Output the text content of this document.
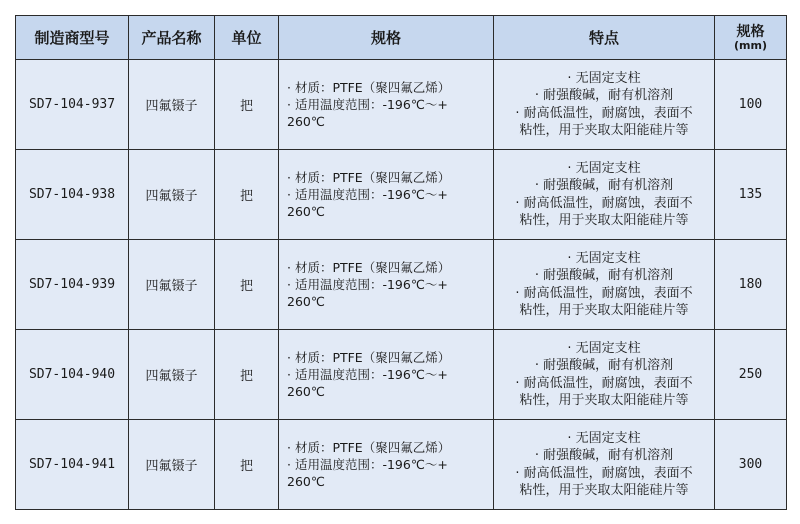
制造商型号	产品名称	单位	规格	特点	规格
(mm)

SD7-104-937	四氟镊子	把	· 材质：PTFE（聚四氟乙烯）
· 适用温度范围：-196℃～+
260℃	· 无固定支柱
· 耐强酸碱，耐有机溶剂
· 耐高低温性，耐腐蚀，表面不
粘性，用于夹取太阳能硅片等	100
SD7-104-938	四氟镊子	把	· 材质：PTFE（聚四氟乙烯）
· 适用温度范围：-196℃～+
260℃	· 无固定支柱
· 耐强酸碱，耐有机溶剂
· 耐高低温性，耐腐蚀，表面不
粘性，用于夹取太阳能硅片等	135
SD7-104-939	四氟镊子	把	· 材质：PTFE（聚四氟乙烯）
· 适用温度范围：-196℃～+
260℃	· 无固定支柱
· 耐强酸碱，耐有机溶剂
· 耐高低温性，耐腐蚀，表面不
粘性，用于夹取太阳能硅片等	180
SD7-104-940	四氟镊子	把	· 材质：PTFE（聚四氟乙烯）
· 适用温度范围：-196℃～+
260℃	· 无固定支柱
· 耐强酸碱，耐有机溶剂
· 耐高低温性，耐腐蚀，表面不
粘性，用于夹取太阳能硅片等	250
SD7-104-941	四氟镊子	把	· 材质：PTFE（聚四氟乙烯）
· 适用温度范围：-196℃～+
260℃	· 无固定支柱
· 耐强酸碱，耐有机溶剂
· 耐高低温性，耐腐蚀，表面不
粘性，用于夹取太阳能硅片等	300
